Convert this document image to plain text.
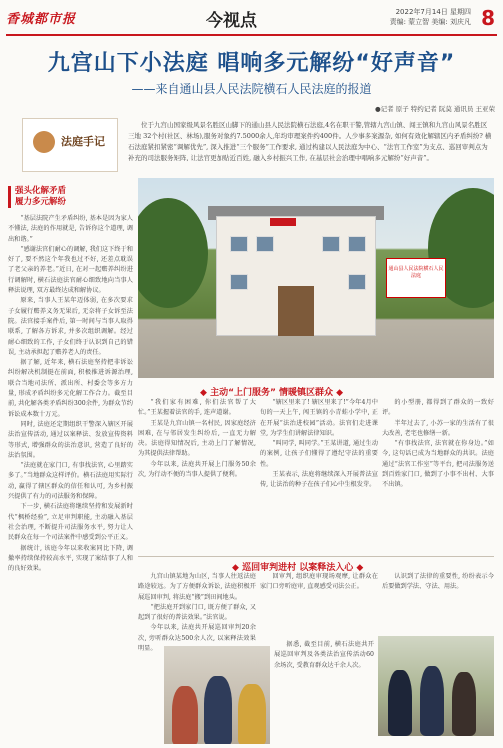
香城都市报	今视点	2022年7月14日 星期四
责编: 蒙立智 美编: 刘庆凡 8
九宫山下小法庭 唱响多元解纷“好声音”
——来自通山县人民法院横石人民法庭的报道
●记者 原子 特约记者 阮莫 通讯员 王亚荣
法庭手记
位于九宫山国家级风景名胜区山脚下的通山县人民法院横石法庭,4名在职干警,管辖九宫山镇、闯王镇和九宫山风景名胜区三地 32个村(社区、林场),服务对象约7.5000余人,年均审理案件约400件。人少事多案源杂, 如何有效化解辖区内矛盾纠纷? 横石法庭紧扣紧密“调解优先”, 深入推进“三个服务”工作要求, 通过构建以人民法庭为中心、“法官工作室”为支点、巡回审判点为补充的司法服务矩阵, 让法官更加贴近百姓, 融入乡村振兴工作, 在基层社会治理中唱响多元解纷“好声音”。
强头化解矛盾
履力多元解纷

“基层法院产生矛盾纠纷, 基本是因为家人不懂法, 法庭的作用就是, 告诉你这个道理, 调出和谐。”

“感谢法官们耐心的调解, 我们这下终于和好了, 要不然这个年我也过不好, 还差点耽误了老父亲的养老。”近日, 在对一起赡养纠纷进行调解时, 横石法庭法官耐心细致地向当事人释法说理, 双方最终达成和解协议。

原来, 当事人王某年迈体弱, 在多次要求子女履行赡养义务无果后, 无奈将子女诉至法院。法官接手案件后, 第一时间与当事人取得联系, 了解各方诉求, 并多次组织调解。经过耐心细致的工作, 子女们终于认识到自己的错误, 主动承担起了赡养老人的责任。

据了解, 近年来, 横石法庭坚持把非诉讼纠纷解决机制挺在前面, 积极推进诉源治理, 联合当地司法所、派出所、村委会等多方力量, 形成矛盾纠纷多元化解工作合力。截至目前, 共化解各类矛盾纠纷300余件, 为群众节约诉讼成本数十万元。

同时, 法庭还定期组织干警深入辖区开展法治宣传活动, 通过以案释法、发放宣传资料等形式, 增强群众的法治意识, 营造了良好的法治氛围。

“法庭就在家门口, 有事找法官, 心里踏实多了。”当地群众这样评价。横石法庭用实际行动, 赢得了辖区群众的信任和认可, 为乡村振兴提供了有力的司法服务和保障。

下一步, 横石法庭将继续坚持和发展新时代“枫桥经验”, 立足审判职能, 主动融入基层社会治理, 不断提升司法服务水平, 努力让人民群众在每一个司法案件中感受到公平正义。

据统计, 该庭今年以来收案同比下降, 调撤率持续保持较高水平, 实现了案结事了人和的良好效果。

通山县人民法院横石人民法庭
◆ 主动“上门服务” 情暖镇区群众 ◆

“我们家有困难, 你们法官帮了大忙。”王某握着法官的手, 连声道谢。

王某是九宫山镇一名村民, 因家庭经济困难, 在与邻居发生纠纷后, 一直无力解决。法庭得知情况后, 主动上门了解情况, 为其提供法律帮助。

今年以来, 法庭共开展上门服务50余次, 为行动不便的当事人提供了便利。

“辖区里来了! 辖区里来了!”今年4月中旬的一天上午, 闯王镇的小青蛙小学中, 正在开展“法治进校园”活动。法官们走进课堂, 为学生们讲解法律知识。

“叫同学, 叫同学。”王某讲道, 通过生动的案例, 让孩子们懂得了遵纪守法的重要性。

王某表示, 法庭将继续深入开展普法宣传, 让法治的种子在孩子们心中生根发芽。

的小型册, 都得到了群众的一致好评。

半年过去了, 小苏一家的生活有了很大改善, 老宅也修缮一新。

“有事找法官, 法官就在你身边。”如今, 这句话已成为当地群众的共识。法庭通过“法官工作室”等平台, 把司法服务送到百姓家门口, 做到了小事不出村、大事不出镇。

◆ 巡回审判进村 以案释法入心 ◆

九宫山镇某地为山区, 当事人往返法庭路途较远。为了方便群众诉讼, 法庭积极开展巡回审判, 将法庭“搬”到田间地头。

“把法庭开到家门口, 既方便了群众, 又起到了很好的普法效果。”法官说。

今年以来, 法庭共开展巡回审判20余次, 旁听群众达500余人次, 以案释法效果明显。

回审判, 组织庭审现场观摩, 让群众在家门口旁听庭审, 直观感受司法公正。

认识到了法律的重要性, 纷纷表示今后要做到学法、守法、用法。

据悉, 截至目前, 横石法庭共开展巡回审判及各类法治宣传活动60余场次, 受教育群众达千余人次。
